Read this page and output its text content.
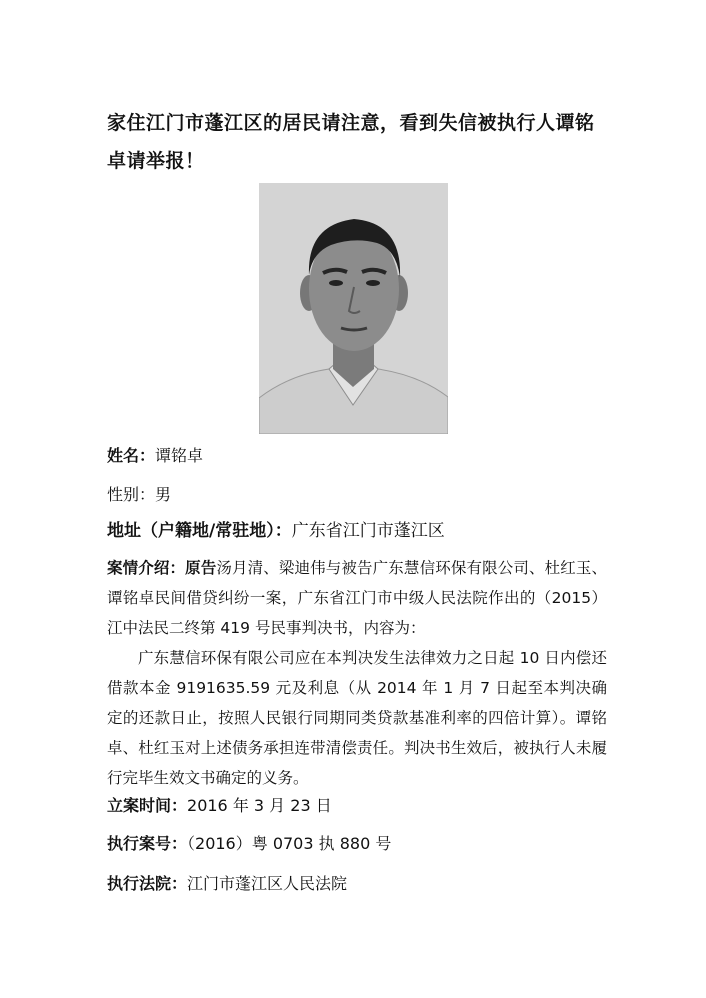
家住江门市蓬江区的居民请注意，看到失信被执行人谭铭卓请举报！
姓名：谭铭卓
性别：男
地址（户籍地/常驻地）：广东省江门市蓬江区

案情介绍：原告汤月清、梁迪伟与被告广东慧信环保有限公司、杜红玉、谭铭卓民间借贷纠纷一案，广东省江门市中级人民法院作出的（2015）江中法民二终第 419 号民事判决书，内容为：

广东慧信环保有限公司应在本判决发生法律效力之日起 10 日内偿还借款本金 9191635.59 元及利息（从 2014 年 1 月 7 日起至本判决确定的还款日止，按照人民银行同期同类贷款基准利率的四倍计算）。谭铭卓、杜红玉对上述债务承担连带清偿责任。判决书生效后，被执行人未履行完毕生效文书确定的义务。

立案时间：2016 年 3 月 23 日
执行案号：（2016）粤 0703 执 880 号
执行法院：江门市蓬江区人民法院
